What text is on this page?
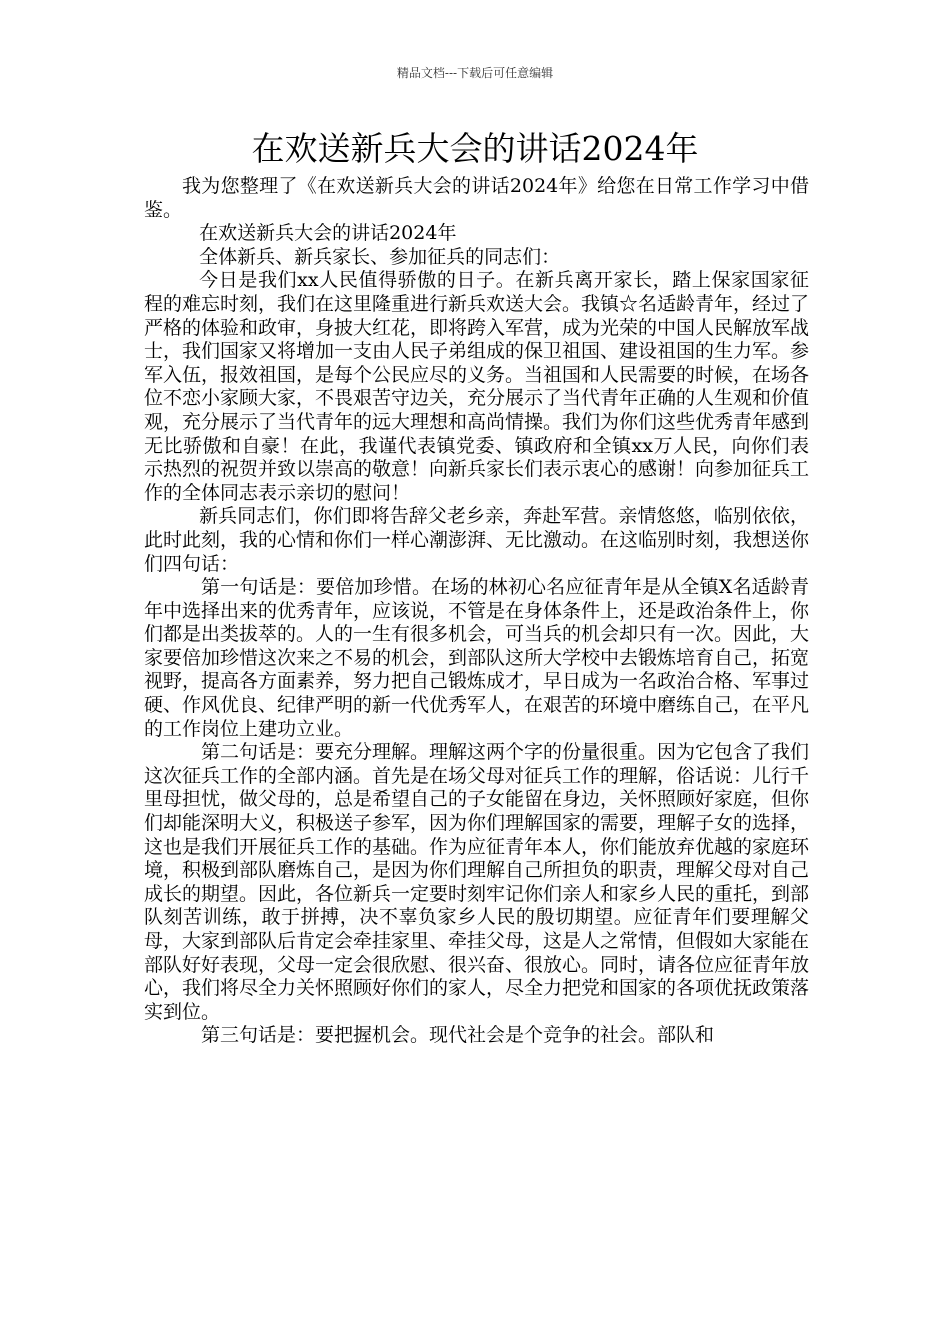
精品文档---下载后可任意编辑
在欢送新兵大会的讲话2024年

我为您整理了《在欢送新兵大会的讲话2024年》给您在日常工作学习中借鉴。

在欢送新兵大会的讲话2024年

全体新兵、新兵家长、参加征兵的同志们：

今日是我们xx人民值得骄傲的日子。在新兵离开家长，踏上保家国家征程的难忘时刻，我们在这里隆重进行新兵欢送大会。我镇☆名适龄青年，经过了严格的体验和政审，身披大红花，即将跨入军营，成为光荣的中国人民解放军战士，我们国家又将增加一支由人民子弟组成的保卫祖国、建设祖国的生力军。参军入伍，报效祖国，是每个公民应尽的义务。当祖国和人民需要的时候，在场各位不恋小家顾大家，不畏艰苦守边关，充分展示了当代青年正确的人生观和价值观，充分展示了当代青年的远大理想和高尚情操。我们为你们这些优秀青年感到无比骄傲和自豪！在此，我谨代表镇党委、镇政府和全镇xx万人民，向你们表示热烈的祝贺并致以崇高的敬意！向新兵家长们表示衷心的感谢！向参加征兵工作的全体同志表示亲切的慰问！

新兵同志们，你们即将告辞父老乡亲，奔赴军营。亲情悠悠，临别依依，此时此刻，我的心情和你们一样心潮澎湃、无比激动。在这临别时刻，我想送你们四句话：

第一句话是：要倍加珍惜。在场的林初心名应征青年是从全镇X名适龄青年中选择出来的优秀青年，应该说，不管是在身体条件上，还是政治条件上，你们都是出类拔萃的。人的一生有很多机会，可当兵的机会却只有一次。因此，大家要倍加珍惜这次来之不易的机会，到部队这所大学校中去锻炼培育自己，拓宽视野，提高各方面素养，努力把自己锻炼成才，早日成为一名政治合格、军事过硬、作风优良、纪律严明的新一代优秀军人，在艰苦的环境中磨练自己，在平凡的工作岗位上建功立业。

第二句话是：要充分理解。理解这两个字的份量很重。因为它包含了我们这次征兵工作的全部内涵。首先是在场父母对征兵工作的理解，俗话说：儿行千里母担忧，做父母的，总是希望自己的子女能留在身边，关怀照顾好家庭，但你们却能深明大义，积极送子参军，因为你们理解国家的需要，理解子女的选择，这也是我们开展征兵工作的基础。作为应征青年本人，你们能放弃优越的家庭环境，积极到部队磨炼自己，是因为你们理解自己所担负的职责，理解父母对自己成长的期望。因此，各位新兵一定要时刻牢记你们亲人和家乡人民的重托，到部队刻苦训练，敢于拼搏，决不辜负家乡人民的殷切期望。应征青年们要理解父母，大家到部队后肯定会牵挂家里、牵挂父母，这是人之常情，但假如大家能在部队好好表现，父母一定会很欣慰、很兴奋、很放心。同时，请各位应征青年放心，我们将尽全力关怀照顾好你们的家人，尽全力把党和国家的各项优抚政策落实到位。

第三句话是：要把握机会。现代社会是个竞争的社会。部队和
